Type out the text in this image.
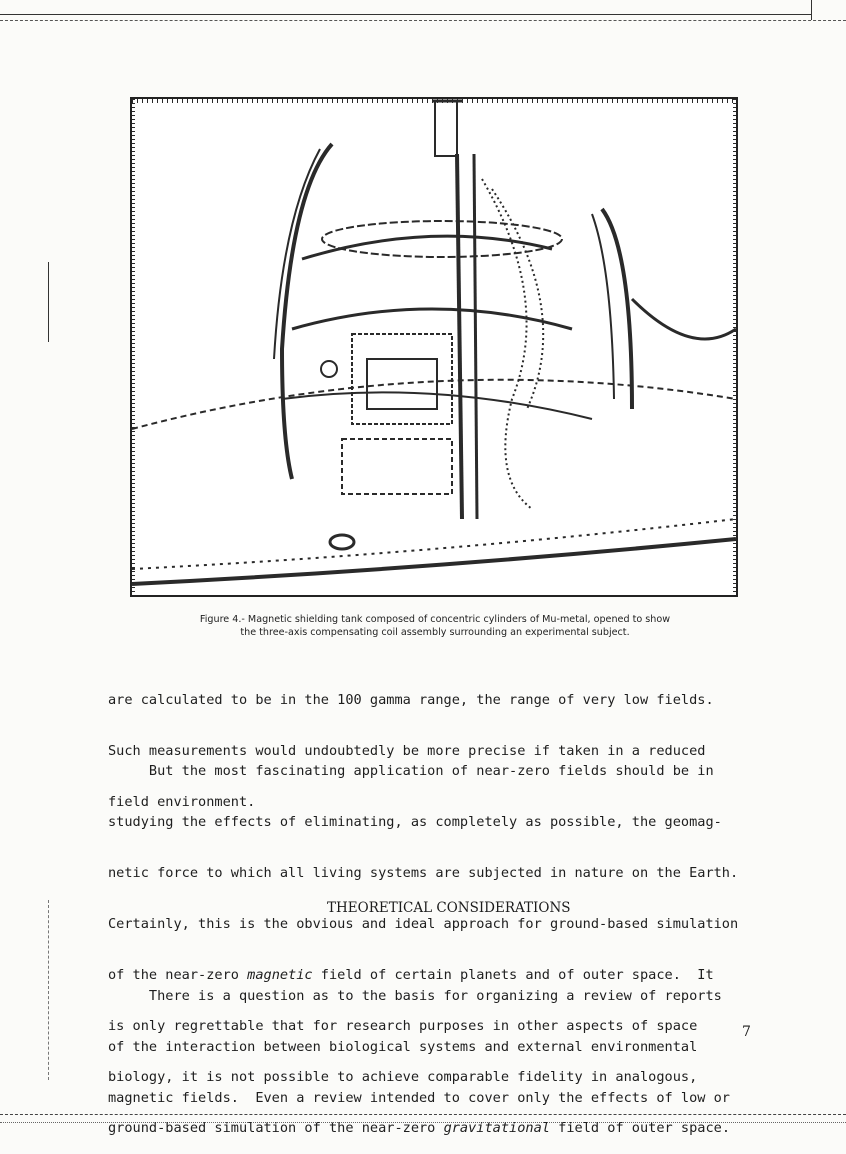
Figure 4.- Magnetic shielding tank composed of concentric cylinders of Mu-metal, opened to show
the three-axis compensating coil assembly surrounding an experimental subject.

are calculated to be in the 100 gamma range, the range of very low fields.

Such measurements would undoubtedly be more precise if taken in a reduced

field environment.

But the most fascinating application of near-zero fields should be in

studying the effects of eliminating, as completely as possible, the geomag-

netic force to which all living systems are subjected in nature on the Earth.

Certainly, this is the obvious and ideal approach for ground-based simulation

of the near-zero magnetic field of certain planets and of outer space.  It

is only regrettable that for research purposes in other aspects of space

biology, it is not possible to achieve comparable fidelity in analogous,

ground-based simulation of the near-zero gravitational field of outer space.

THEORETICAL CONSIDERATIONS

There is a question as to the basis for organizing a review of reports

of the interaction between biological systems and external environmental

magnetic fields.  Even a review intended to cover only the effects of low or

7
